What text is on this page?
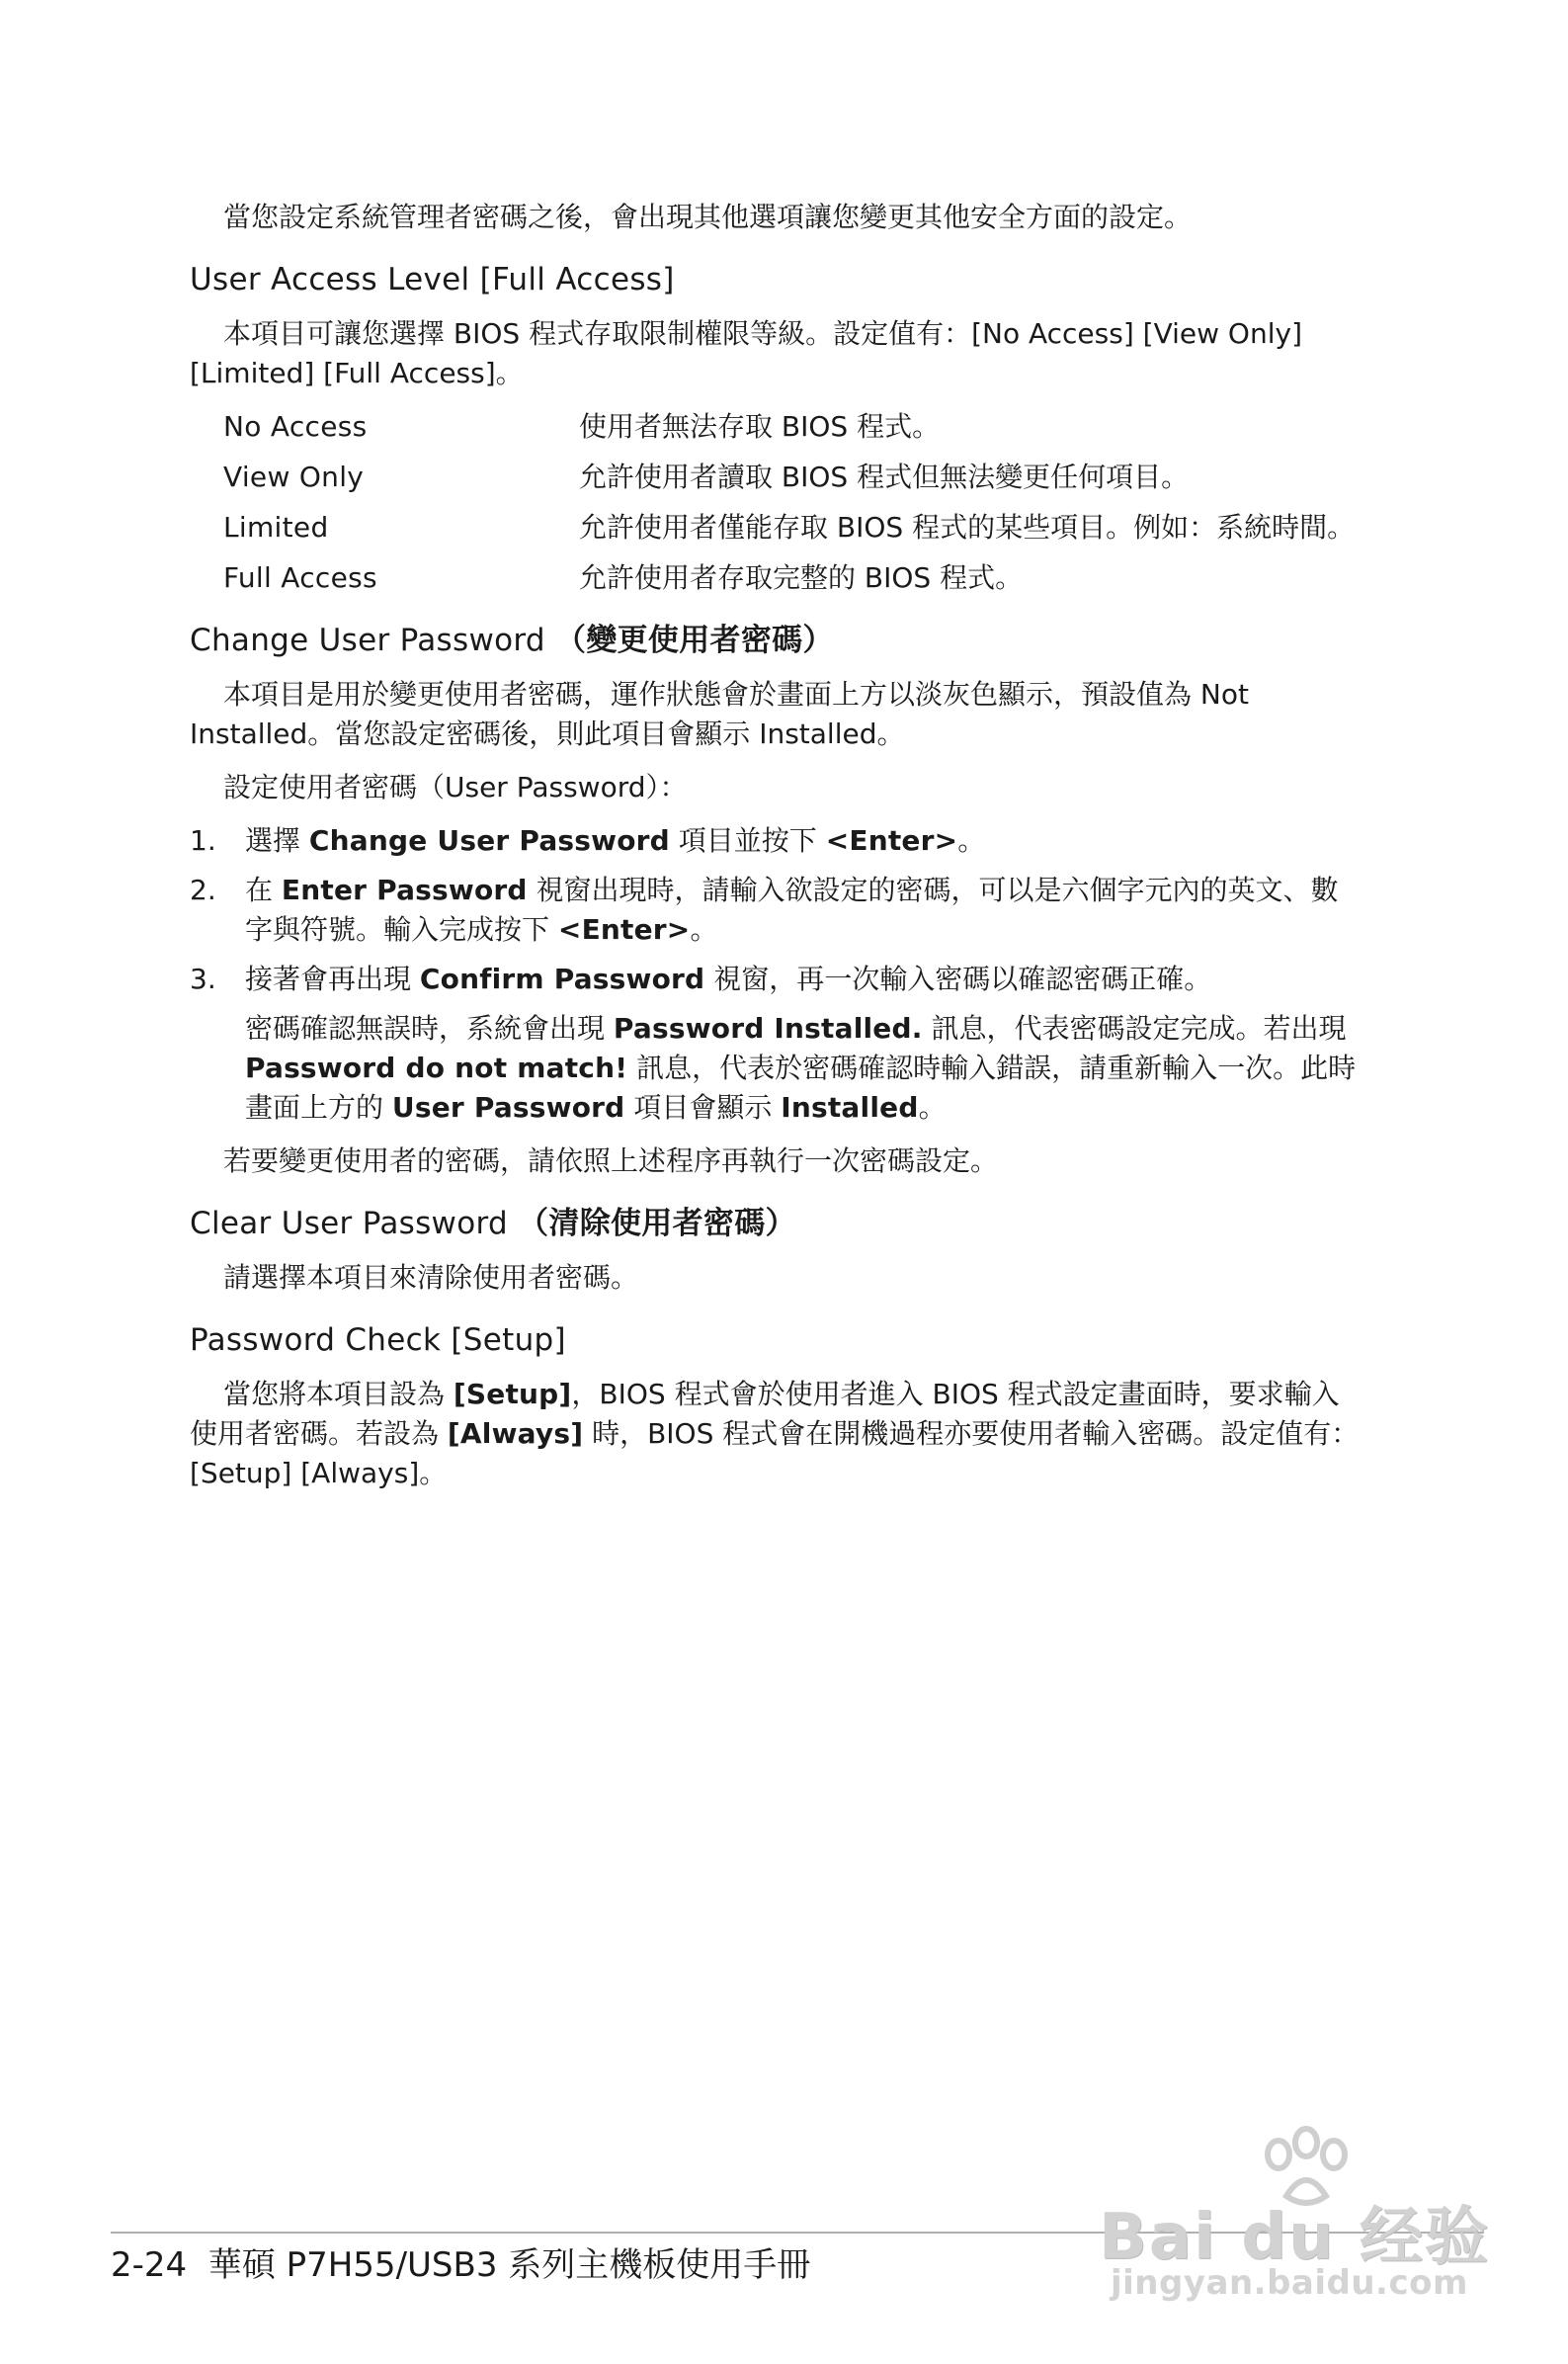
當您設定系統管理者密碼之後，會出現其他選項讓您變更其他安全方面的設定。

User Access Level [Full Access]

本項目可讓您選擇 BIOS 程式存取限制權限等級。設定值有：[No Access] [View Only] [Limited] [Full Access]。

No Access	使用者無法存取 BIOS 程式。
View Only	允許使用者讀取 BIOS 程式但無法變更任何項目。
Limited	允許使用者僅能存取 BIOS 程式的某些項目。例如：系統時間。
Full Access	允許使用者存取完整的 BIOS 程式。
Change User Password （變更使用者密碼）

本項目是用於變更使用者密碼，運作狀態會於畫面上方以淡灰色顯示，預設值為 Not Installed。當您設定密碼後，則此項目會顯示 Installed。

設定使用者密碼（User Password）：

1.	選擇 Change User Password 項目並按下 <Enter>。
2.	在 Enter Password 視窗出現時，請輸入欲設定的密碼，可以是六個字元內的英文、數字與符號。輸入完成按下 <Enter>。
3.	接著會再出現 Confirm Password 視窗，再一次輸入密碼以確認密碼正確。

密碼確認無誤時，系統會出現 Password Installed. 訊息，代表密碼設定完成。若出現 Password do not match! 訊息，代表於密碼確認時輸入錯誤，請重新輸入一次。此時畫面上方的 User Password 項目會顯示 Installed。

若要變更使用者的密碼，請依照上述程序再執行一次密碼設定。

Clear User Password （清除使用者密碼）

請選擇本項目來清除使用者密碼。

Password Check [Setup]

當您將本項目設為 [Setup]，BIOS 程式會於使用者進入 BIOS 程式設定畫面時，要求輸入使用者密碼。若設為 [Always] 時，BIOS 程式會在開機過程亦要使用者輸入密碼。設定值有：[Setup] [Always]。

2-24 華碩 P7H55/USB3 系列主機板使用手冊	Bai du 经验
jingyan.baidu.com
